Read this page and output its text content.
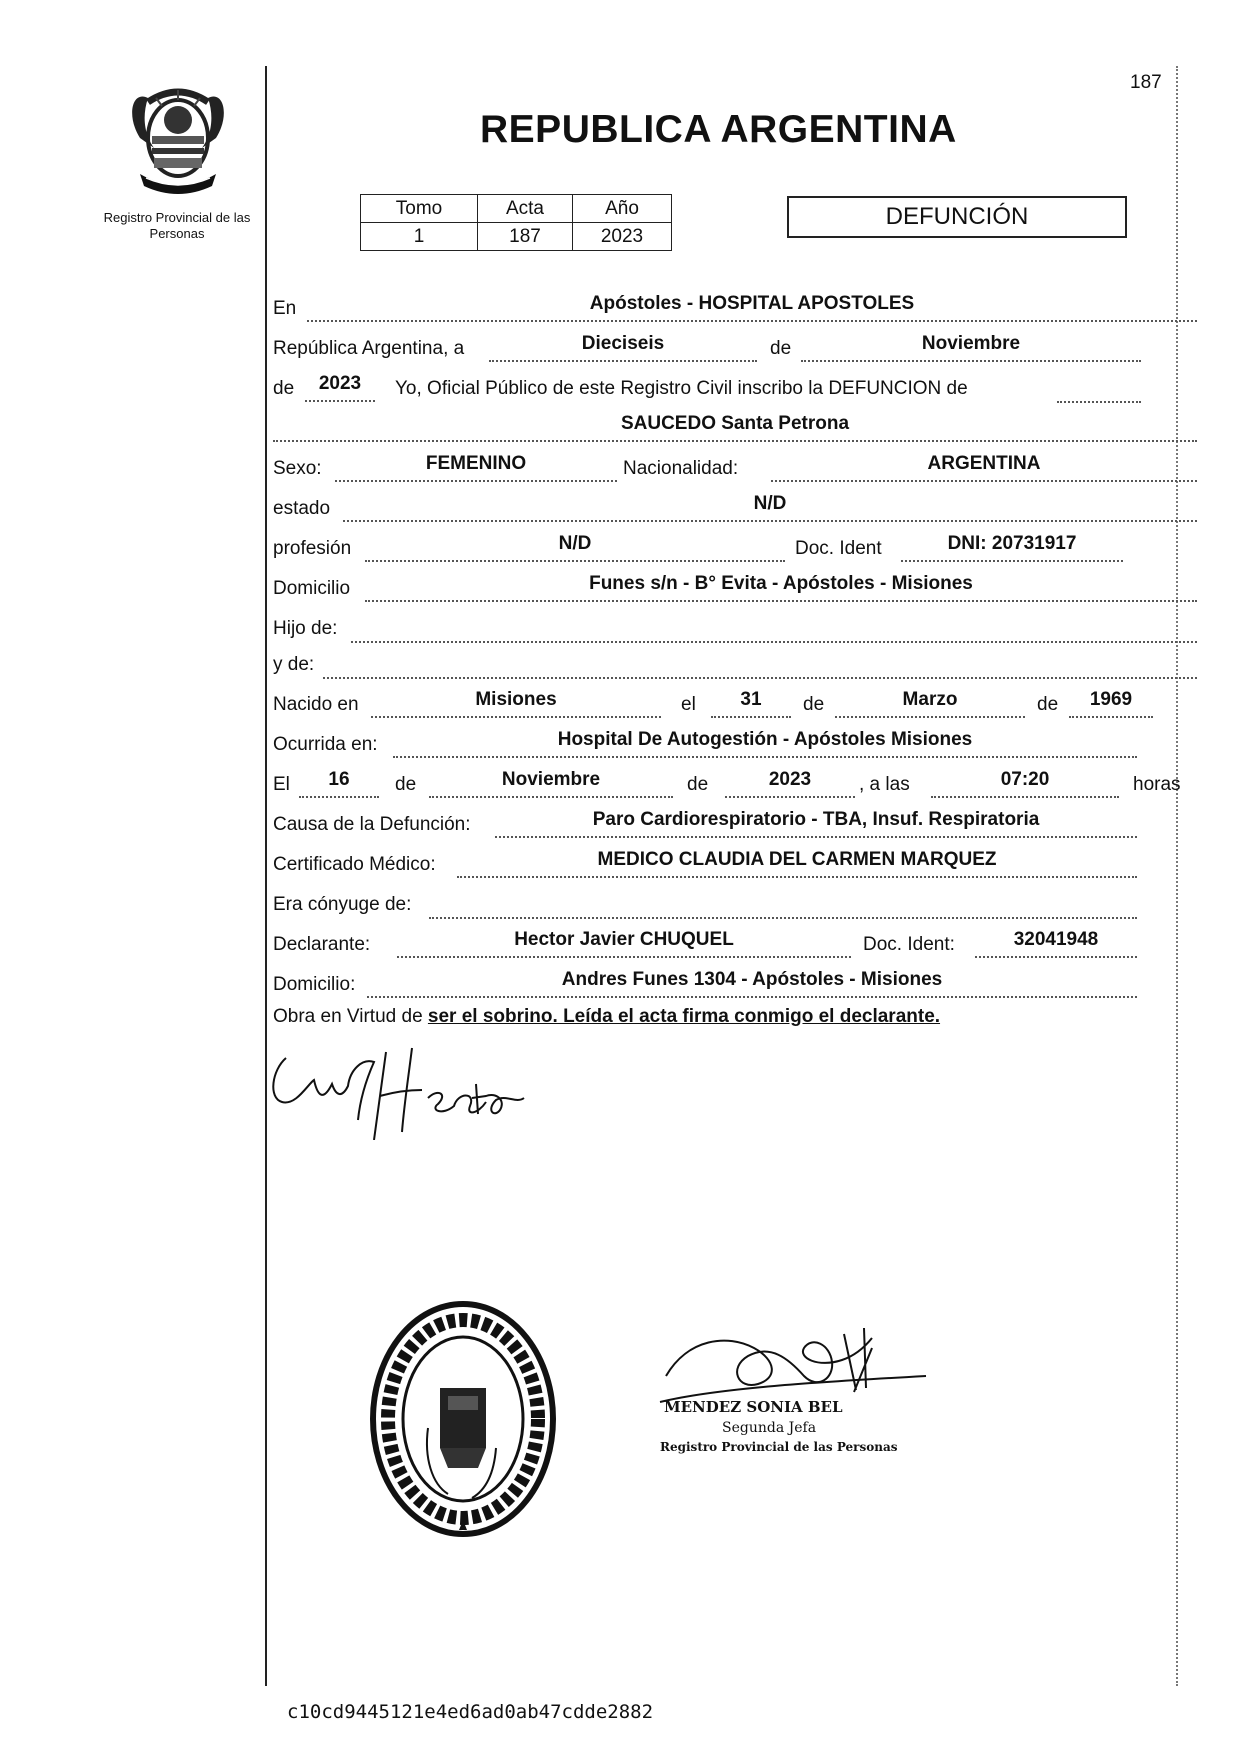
187
Registro Provincial de las Personas
REPUBLICA ARGENTINA
Tomo	Acta	Año
1	187	2023
DEFUNCIÓN
En	Apóstoles - HOSPITAL APOSTOLES
República Argentina, a	Dieciseis	de	Noviembre
de	2023	Yo, Oficial Público de este Registro Civil inscribo la DEFUNCION de
SAUCEDO Santa Petrona
Sexo:	FEMENINO	Nacionalidad:	ARGENTINA
estado	N/D
profesión	N/D	Doc. Ident	DNI: 20731917
Domicilio	Funes s/n - B° Evita - Apóstoles - Misiones
Hijo de:
y de:
Nacido en	Misiones	el	31	de	Marzo	de	1969
Ocurrida en:	Hospital De Autogestión - Apóstoles Misiones
El	16	de	Noviembre	de	2023	, a las	07:20	horas
Causa de la Defunción:	Paro Cardiorespiratorio - TBA, Insuf. Respiratoria
Certificado Médico:	MEDICO CLAUDIA DEL CARMEN MARQUEZ
Era cónyuge de:
Declarante:	Hector Javier CHUQUEL	Doc. Ident:	32041948
Domicilio:	Andres Funes 1304 - Apóstoles - Misiones
Obra en Virtud de ser el sobrino. Leída el acta firma conmigo el declarante.
MENDEZ SONIA BEL
Segunda Jefa
Registro Provincial de las Personas
c10cd9445121e4ed6ad0ab47cdde2882
